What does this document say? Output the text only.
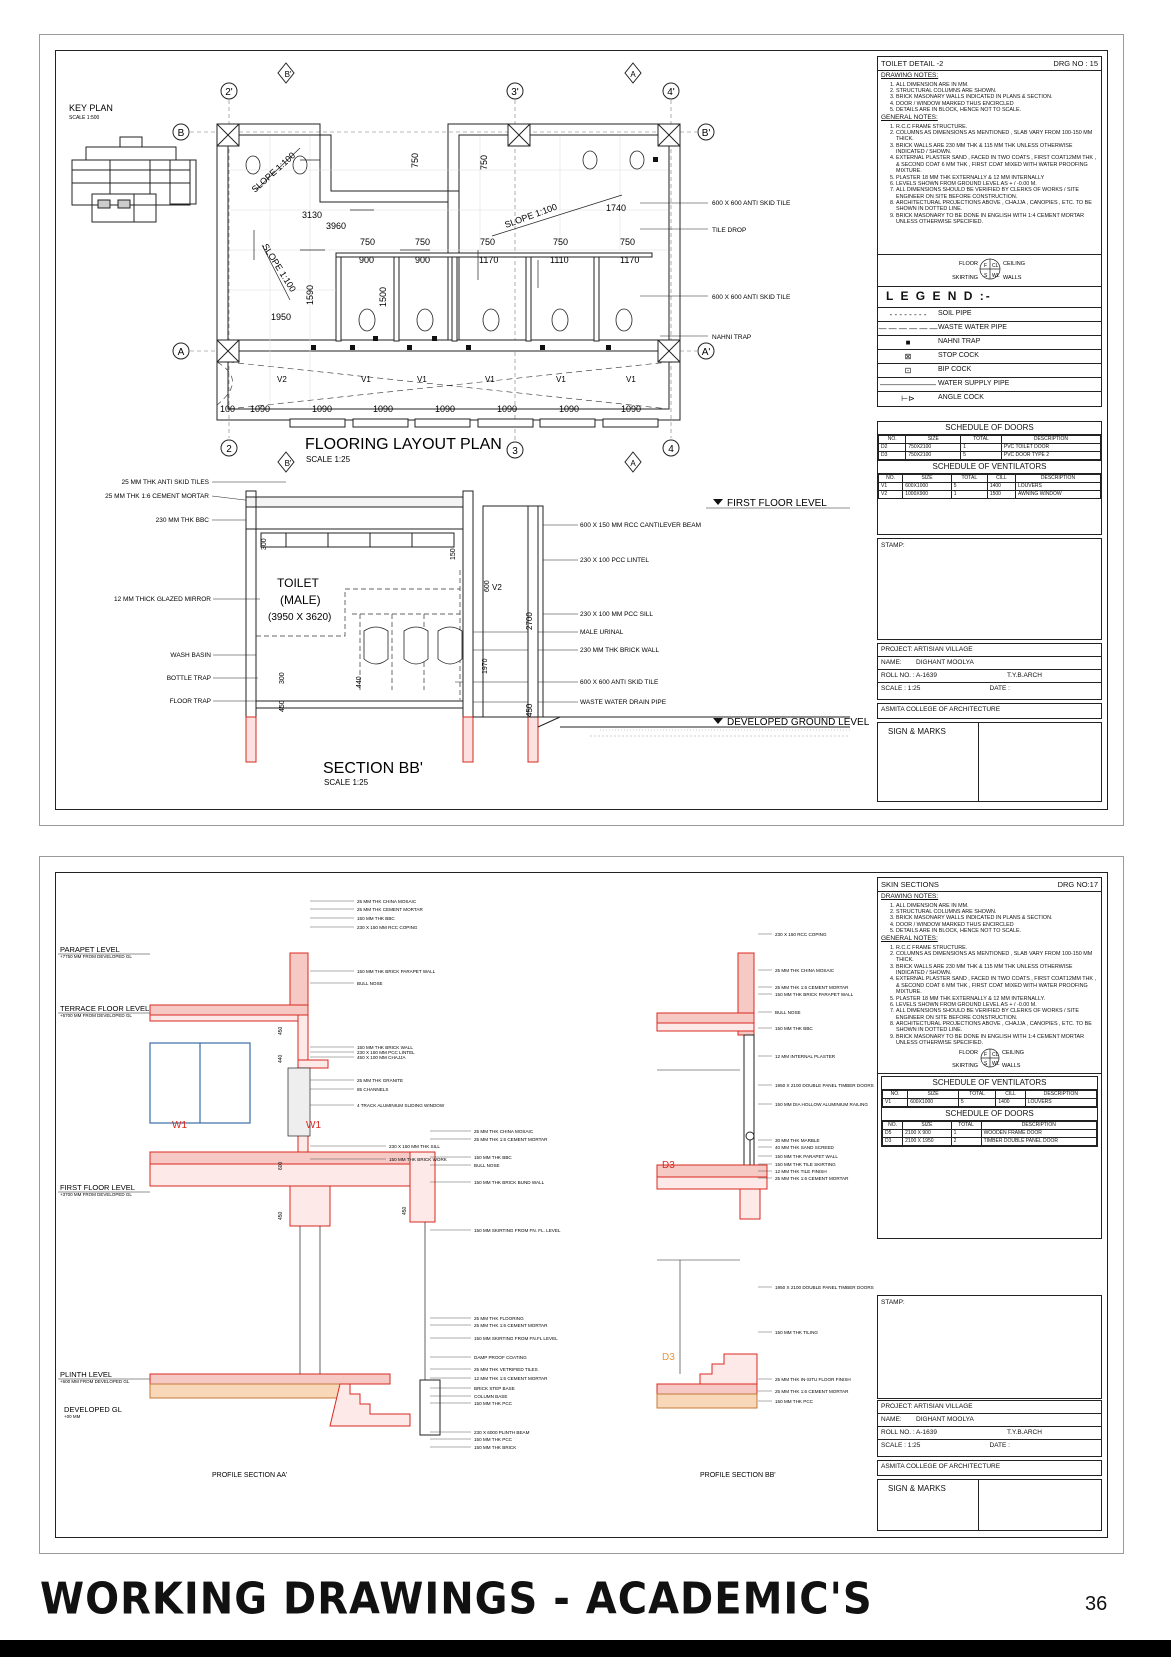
KEY PLAN
SCALE 1:500
2'	3'	4'
2	3	4
B	B'
A	A'
B'	A
B'	A
SLOPE 1:100
SLOPE 1:100
SLOPE 1:100
3130
3960
1950
1590
750	750
750	750	750	750	750
900	900	1170	1110	1170
1500
1740
100 1090	1090	1090	1090	1090	1090	1090
V2	V1	V1	V1	V1	V1
600 X 600 ANTI SKID TILE
TILE DROP
600 X 600 ANTI SKID TILE
NAHNI TRAP
FLOORING LAYOUT PLAN
SCALE 1:25
25 MM THK ANTI SKID TILES
25 MM THK 1:6 CEMENT MORTAR
230 MM THK BBC
12 MM THICK GLAZED MIRROR
WASH BASIN
BOTTLE TRAP
FLOOR TRAP
600 X 150 MM RCC CANTILEVER BEAM
230 X 100 PCC LINTEL
230 X 100 MM PCC SILL
MALE URINAL
230 MM THK BRICK WALL
600 X 600 ANTI SKID TILE
WASTE WATER DRAIN PIPE
TOILET
(MALE)
(3950 X 3620)
300
150
600
2700
1970
450
440
300
450
V2
FIRST FLOOR LEVEL
DEVELOPED GROUND LEVEL
SECTION BB'
SCALE 1:25
TOILET DETAIL -2	DRG NO : 15
DRAWING NOTES:
1. ALL DIMENSION ARE IN MM.
2. STRUCTURAL COLUMNS ARE SHOWN.
3. BRICK MASONARY WALLS INDICATED IN PLANS & SECTION.
4. DOOR / WINDOW MARKED THUS ENCIRCLED
5. DETAILS ARE IN BLOCK, HENCE NOT TO SCALE.
GENERAL NOTES:
1. R.C.C FRAME STRUCTURE.
2. COLUMNS AS DIMENSIONS AS MENTIONED , SLAB VARY FROM 100-150 MM THICK.
3. BRICK WALLS ARE 230 MM THK & 115 MM THK UNLESS OTHERWISE INDICATED / SHOWN.
4. EXTERNAL PLASTER SAND , FACED IN TWO COATS , FIRST COAT12MM THK , & SECOND COAT 6 MM THK , FIRST COAT MIXED WITH WATER PROOFING MIXTURE.
5. PLASTER 18 MM THK EXTERNALLY & 12 MM INTERNALLY
6. LEVELS SHOWN FROM GROUND LEVEL AS + / -0.00 M.
7. ALL DIMENSIONS SHOULD BE VERIFIED BY CLERKS OF WORKS / SITE ENGINEER ON SITE BEFORE CONSTRUCTION.
8. ARCHITECTURAL PROJECTIONS ABOVE , CHAJJA , CANOPIES , ETC. TO BE SHOWN IN DOTTED LINE.
9. BRICK MASONARY TO BE DONE IN ENGLISH WITH 1:4 CEMENT MORTAR UNLESS OTHERWISE SPECIFIED.
F CL
S WL
FLOOR
SKIRTING
CEILING
WALLS
L E G E N D :-
- - - - - - - -	SOIL PIPE
— — — — — — WASTE WATER PIPE
■	NAHNI TRAP
⊠	STOP COCK
⊡	BIP COCK
——————— WATER SUPPLY PIPE
⊢⊳	ANGLE COCK
SCHEDULE OF DOORS
NO.	SIZE	TOTAL	DESCRIPTION
D2	750X2100	1	PVC TOILET DOOR
D3	750X2100	5	PVC DOOR TYPE 2
SCHEDULE OF VENTILATORS
NO.	SIZE	TOTAL	CILL	DESCRIPTION
V1	600X1000	5	1400	LOUVERS
V2	1000X900	1	1500	AWNING WINDOW
STAMP:
PROJECT: ARTISIAN VILLAGE
NAME:	DIGHANT MOOLYA
ROLL NO. : A-1639	T.Y.B.ARCH
SCALE : 1:25	DATE :
ASMITA COLLEGE OF ARCHITECTURE
SIGN & MARKS
PARAPET LEVEL
+7750 MM FROM DEVELOPED GL
TERRACE FLOOR LEVEL
+6700 MM FROM DEVELOPED GL
FIRST FLOOR LEVEL
+3700 MM FROM DEVELOPED GL
PLINTH LEVEL
+600 MM FROM DEVELOPED GL
DEVELOPED GL
+00 MM
W1	W1
450
440
600
450
450
25 MM THK CHINA MOSAIC
25 MM THK CEMENT MORTAR
150 MM THK BBC
230 X 150 MM RCC COPING
150 MM THK BRICK PARAPET WALL
BULL NOSE
150 MM THK BRICK WALL
230 X 150 MM PCC LINTEL
450 X 100 MM CHAJJA
25 MM THK GRANITE
85 CHANNELS
4 TRACK ALUMINIUM SLIDING WINDOW
25 MM THK CHINA MOSAIC
25 MM THK 1:6 CEMENT MORTAR
230 X 150 MM THK SILL
150 MM THK BBC
150 MM THK BRICK WORK
BULL NOSE
150 MM THK BRICK BUND WALL
150 MM SKIRTING FROM FN. FL. LEVEL
25 MM THK FLOORING
25 MM THK 1:6 CEMENT MORTAR
150 MM SKIRTING FROM FN.FL LEVEL
DAMP PROOF COATING
25 MM THK VETRIFIED TILES
12 MM THK 1:6 CEMENT MORTAR
BRICK STEP BASE
COLUMN BASE
150 MM THK PCC
230 X 6000 PLINTH BEAM
150 MM THK PCC
150 MM THK BRICK
D3
D3
230 X 150 RCC COPING
25 MM THK CHINA MOSAIC
25 MM THK 1:6 CEMENT MORTAR
150 MM THK BRICK PARAPET WALL
BULL NOSE
150 MM THK BBC
12 MM INTERNAL PLASTER
1950 X 2100 DOUBLE PANEL TIMBER DOORS
150 MM DIA HOLLOW ALUMINIUM RAILING
30 MM THK MARBLE
40 MM THK SAND SCREED
150 MM THK PARAPET WALL
150 MM THK TILE SKIRTING
12 MM THK TILE FINISH
25 MM THK 1:6 CEMENT MORTAR
1950 X 2100 DOUBLE PANEL TIMBER DOORS
150 MM THK TILING
25 MM THK IN-SITU FLOOR FINISH
25 MM THK 1:6 CEMENT MORTAR
150 MM THK PCC
PROFILE SECTION AA'	PROFILE SECTION BB'
SKIN SECTIONS	DRG NO:17
DRAWING NOTES:
1. ALL DIMENSION ARE IN MM.
2. STRUCTURAL COLUMNS ARE SHOWN.
3. BRICK MASONARY WALLS INDICATED IN PLANS & SECTION.
4. DOOR / WINDOW MARKED THUS ENCIRCLED
5. DETAILS ARE IN BLOCK, HENCE NOT TO SCALE.
GENERAL NOTES:
1. R.C.C FRAME STRUCTURE.
2. COLUMNS AS DIMENSIONS AS MENTIONED , SLAB VARY FROM 100-150 MM THICK.
3. BRICK WALLS ARE 230 MM THK & 115 MM THK UNLESS OTHERWISE INDICATED / SHOWN.
4. EXTERNAL PLASTER SAND , FACED IN TWO COATS , FIRST COAT12MM THK , & SECOND COAT 6 MM THK , FIRST COAT MIXED WITH WATER PROOFING MIXTURE.
5. PLASTER 18 MM THK EXTERNALLY & 12 MM INTERNALLY.
6. LEVELS SHOWN FROM GROUND LEVEL AS + / -0.00 M.
7. ALL DIMENSIONS SHOULD BE VERIFIED BY CLERKS OF WORKS / SITE ENGINEER ON SITE BEFORE CONSTRUCTION.
8. ARCHITECTURAL PROJECTIONS ABOVE , CHAJJA , CANOPIES , ETC. TO BE SHOWN IN DOTTED LINE.
9. BRICK MASONARY TO BE DONE IN ENGLISH WITH 1:4 CEMENT MORTAR UNLESS OTHERWISE SPECIFIED.
F CL
S WL
FLOOR
SKIRTING
CEILING
WALLS
SCHEDULE OF VENTILATORS
NO.	SIZE	TOTAL	CILL	DESCRIPTION
V1	600X1000	5	1400	LOUVERS
SCHEDULE OF DOORS
NO.	SIZE	TOTAL	DESCRIPTION
D5	2100 X 900	1	WOODEN FRAME DOOR
D3	2100 X 1950	2	TIMBER DOUBLE PANEL DOOR
STAMP:
PROJECT: ARTISIAN VILLAGE
NAME:	DIGHANT MOOLYA
ROLL NO. : A-1639	T.Y.B.ARCH
SCALE : 1:25	DATE :
ASMITA COLLEGE OF ARCHITECTURE
SIGN & MARKS
WORKING DRAWINGS - ACADEMIC'S	36
